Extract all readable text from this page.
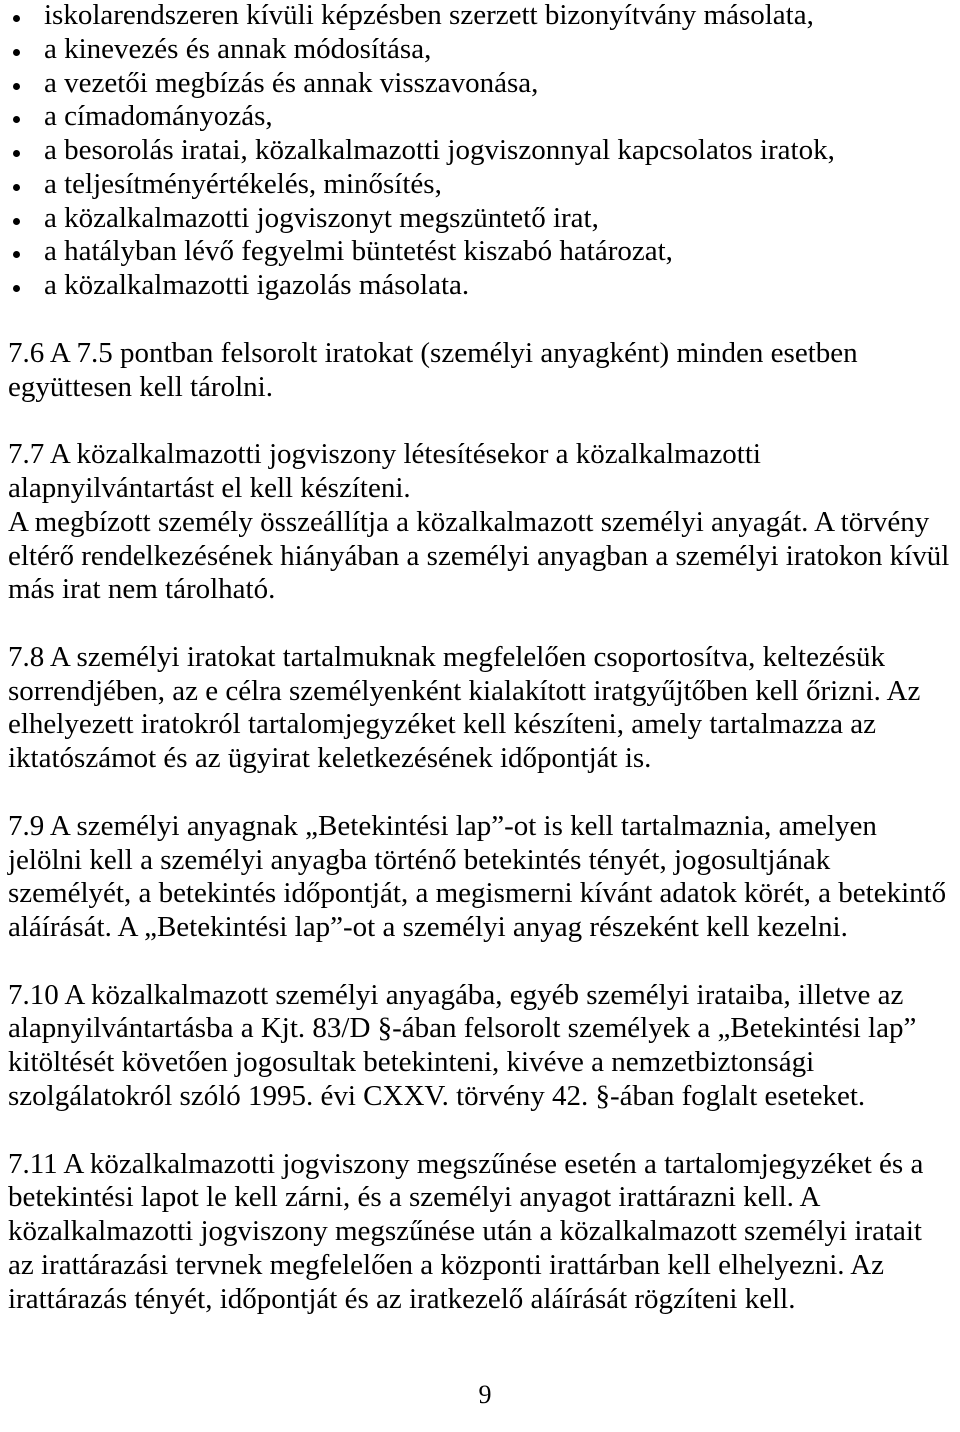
iskolarendszeren kívüli képzésben szerzett bizonyítvány másolata,
a kinevezés és annak módosítása,
a vezetői megbízás és annak visszavonása,
a címadományozás,
a besorolás iratai, közalkalmazotti jogviszonnyal kapcsolatos iratok,
a teljesítményértékelés, minősítés,
a közalkalmazotti jogviszonyt megszüntető irat,
a hatályban lévő fegyelmi büntetést kiszabó határozat,
a közalkalmazotti igazolás másolata.

7.6 A 7.5 pontban felsorolt iratokat (személyi anyagként) minden esetben
együttesen kell tárolni.

7.7 A közalkalmazotti jogviszony létesítésekor a közalkalmazotti
alapnyilvántartást el kell készíteni.

A megbízott személy összeállítja a közalkalmazott személyi anyagát. A törvény
eltérő rendelkezésének hiányában a személyi anyagban a személyi iratokon kívül
más irat nem tárolható.

7.8 A személyi iratokat tartalmuknak megfelelően csoportosítva, keltezésük
sorrendjében, az e célra személyenként kialakított iratgyűjtőben kell őrizni. Az
elhelyezett iratokról tartalomjegyzéket kell készíteni, amely tartalmazza az
iktatószámot és az ügyirat keletkezésének időpontját is.

7.9 A személyi anyagnak „Betekintési lap”-ot is kell tartalmaznia, amelyen
jelölni kell a személyi anyagba történő betekintés tényét, jogosultjának
személyét, a betekintés időpontját, a megismerni kívánt adatok körét, a betekintő
aláírását. A „Betekintési lap”-ot a személyi anyag részeként kell kezelni.

7.10 A közalkalmazott személyi anyagába, egyéb személyi irataiba, illetve az
alapnyilvántartásba a Kjt. 83/D §-ában felsorolt személyek a „Betekintési lap”
kitöltését követően jogosultak betekinteni, kivéve a nemzetbiztonsági
szolgálatokról szóló 1995. évi CXXV. törvény 42. §-ában foglalt eseteket.

7.11 A közalkalmazotti jogviszony megszűnése esetén a tartalomjegyzéket és a
betekintési lapot le kell zárni, és a személyi anyagot irattárazni kell. A
közalkalmazotti jogviszony megszűnése után a közalkalmazott személyi iratait
az irattárazási tervnek megfelelően a központi irattárban kell elhelyezni. Az
irattárazás tényét, időpontját és az iratkezelő aláírását rögzíteni kell.

9
